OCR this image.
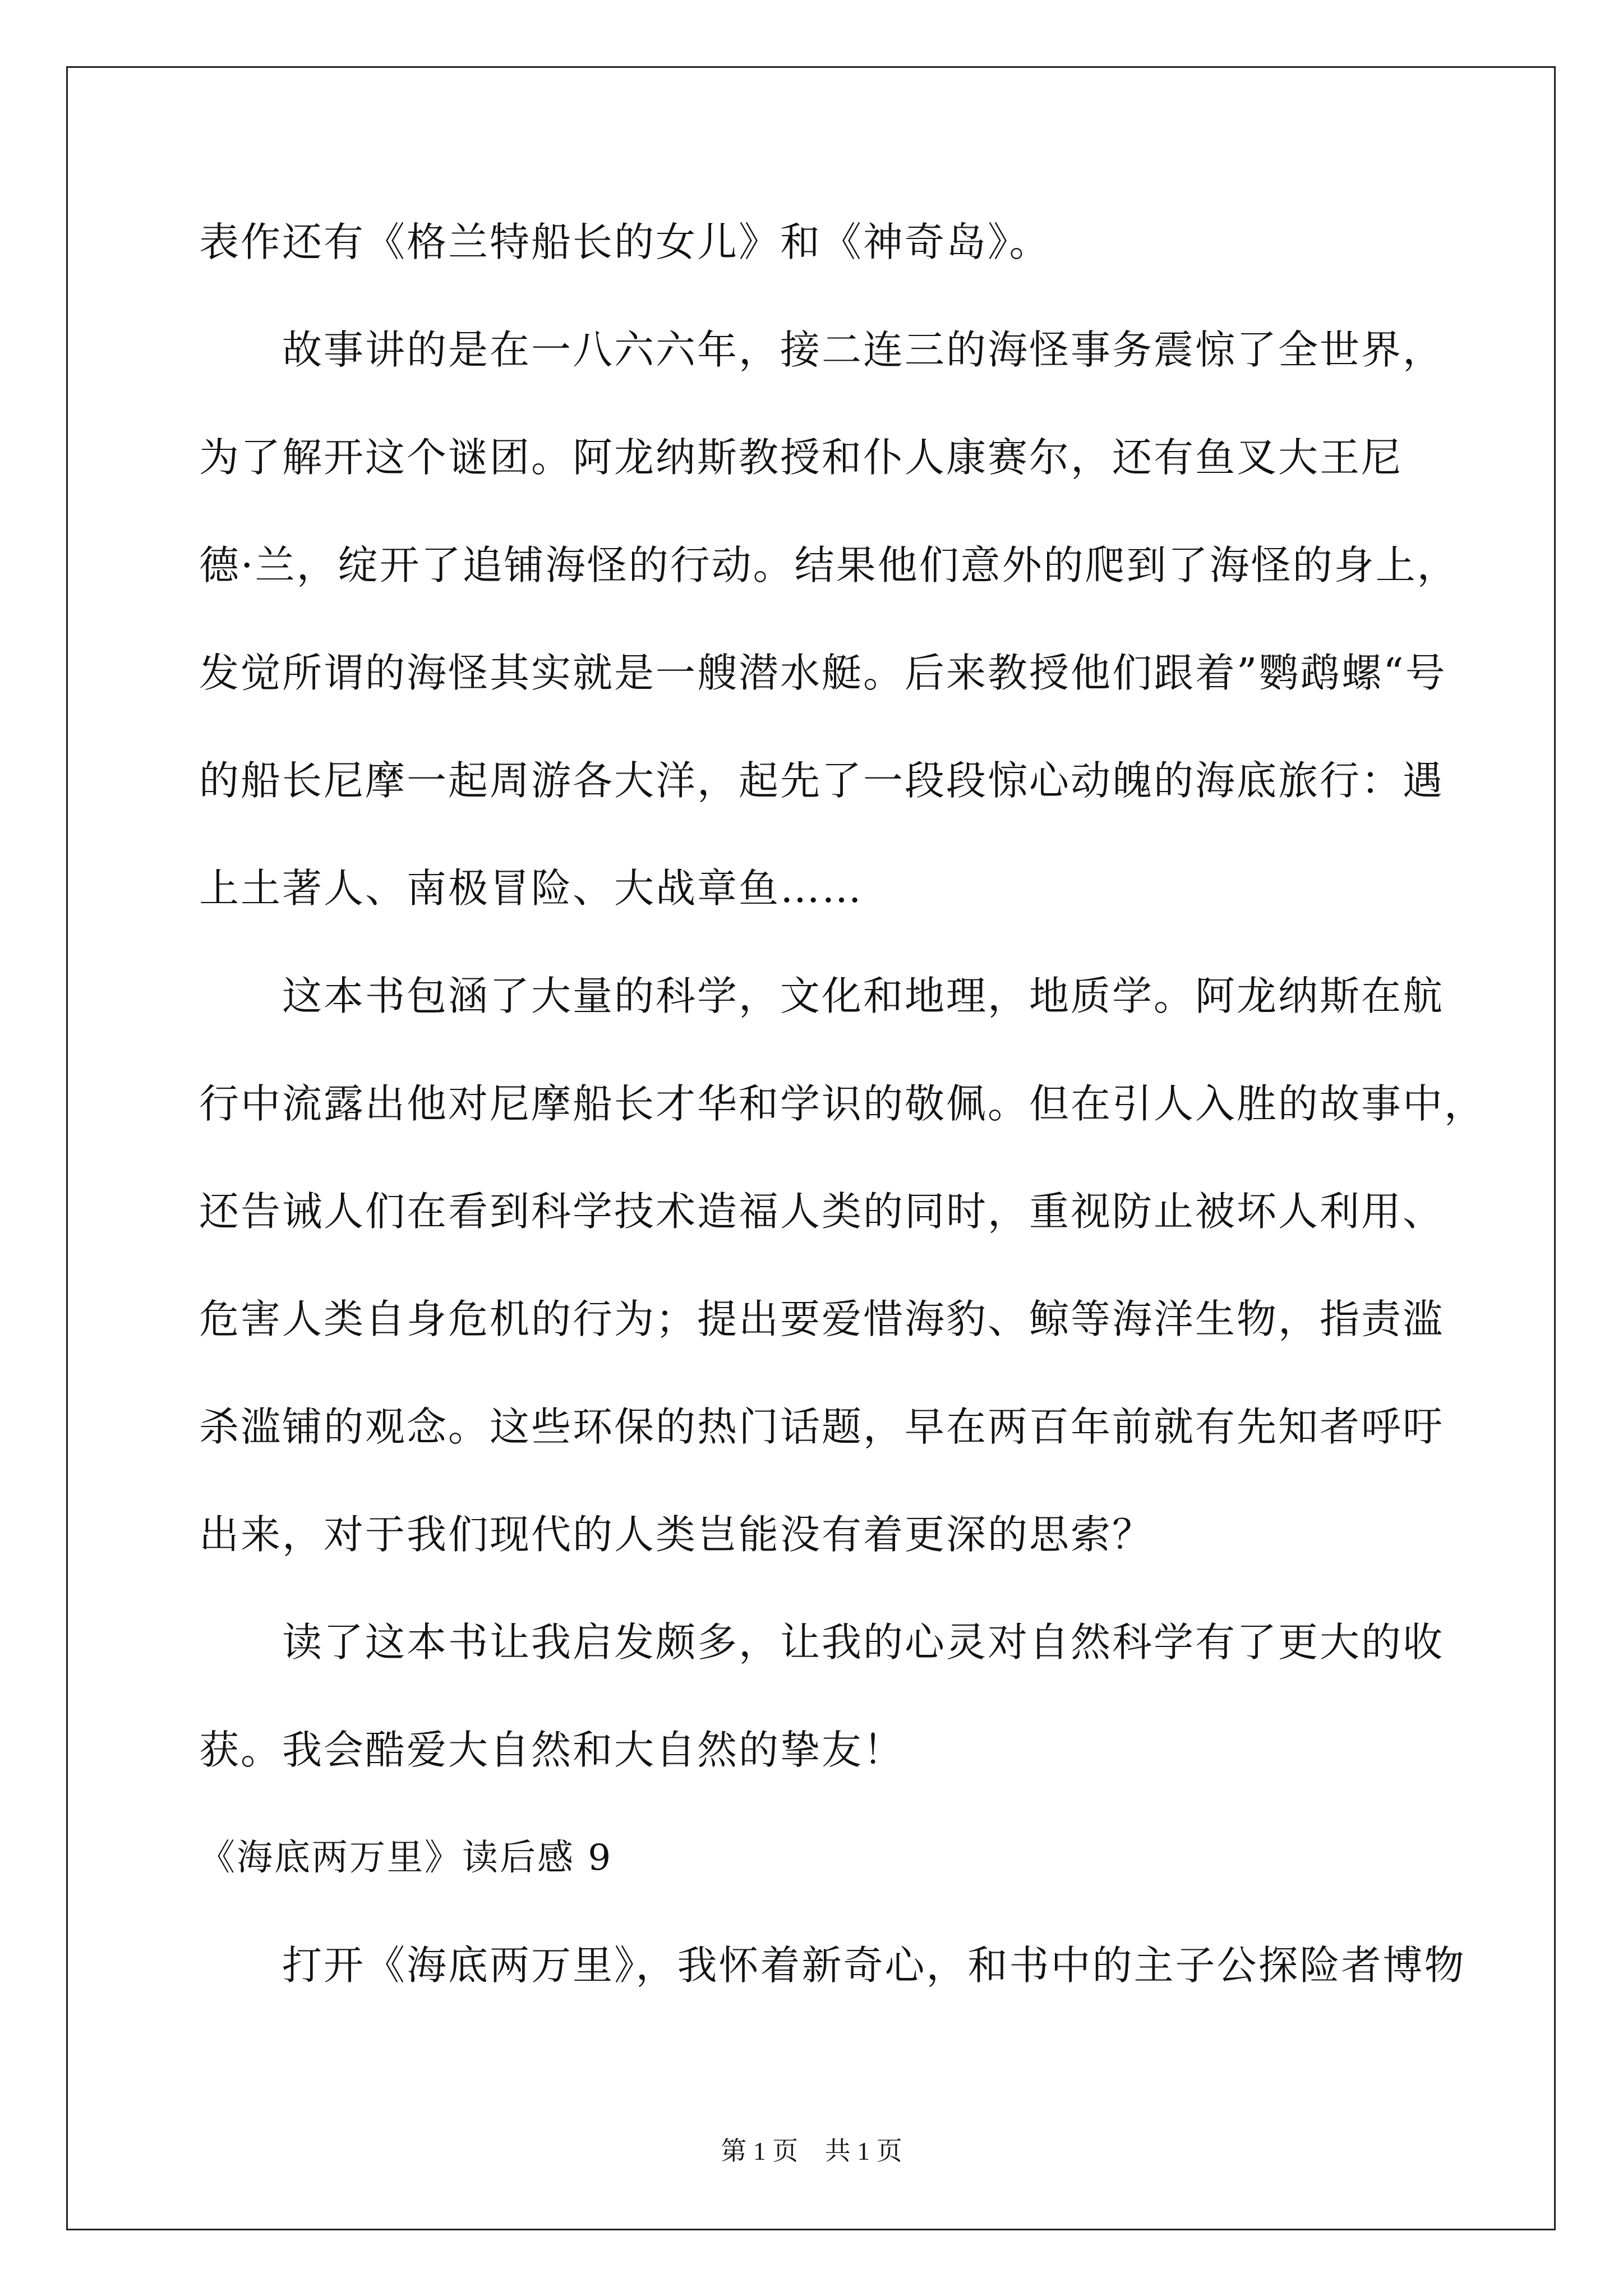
表作还有《格兰特船长的女儿》和《神奇岛》。
故事讲的是在一八六六年，接二连三的海怪事务震惊了全世界，
为了解开这个谜团。阿龙纳斯教授和仆人康赛尔，还有鱼叉大王尼
德·兰，绽开了追铺海怪的行动。结果他们意外的爬到了海怪的身上，
发觉所谓的海怪其实就是一艘潜水艇。后来教授他们跟着”鹦鹉螺“号
的船长尼摩一起周游各大洋，起先了一段段惊心动魄的海底旅行：遇
上土著人、南极冒险、大战章鱼……
这本书包涵了大量的科学，文化和地理，地质学。阿龙纳斯在航
行中流露出他对尼摩船长才华和学识的敬佩。但在引人入胜的故事中，
还告诫人们在看到科学技术造福人类的同时，重视防止被坏人利用、
危害人类自身危机的行为；提出要爱惜海豹、鲸等海洋生物，指责滥
杀滥铺的观念。这些环保的热门话题，早在两百年前就有先知者呼吁
出来，对于我们现代的人类岂能没有着更深的思索？
读了这本书让我启发颇多，让我的心灵对自然科学有了更大的收
获。我会酷爱大自然和大自然的挚友！
《海底两万里》读后感 9
打开《海底两万里》，我怀着新奇心，和书中的主子公探险者博物
第 1 页 共 1 页
